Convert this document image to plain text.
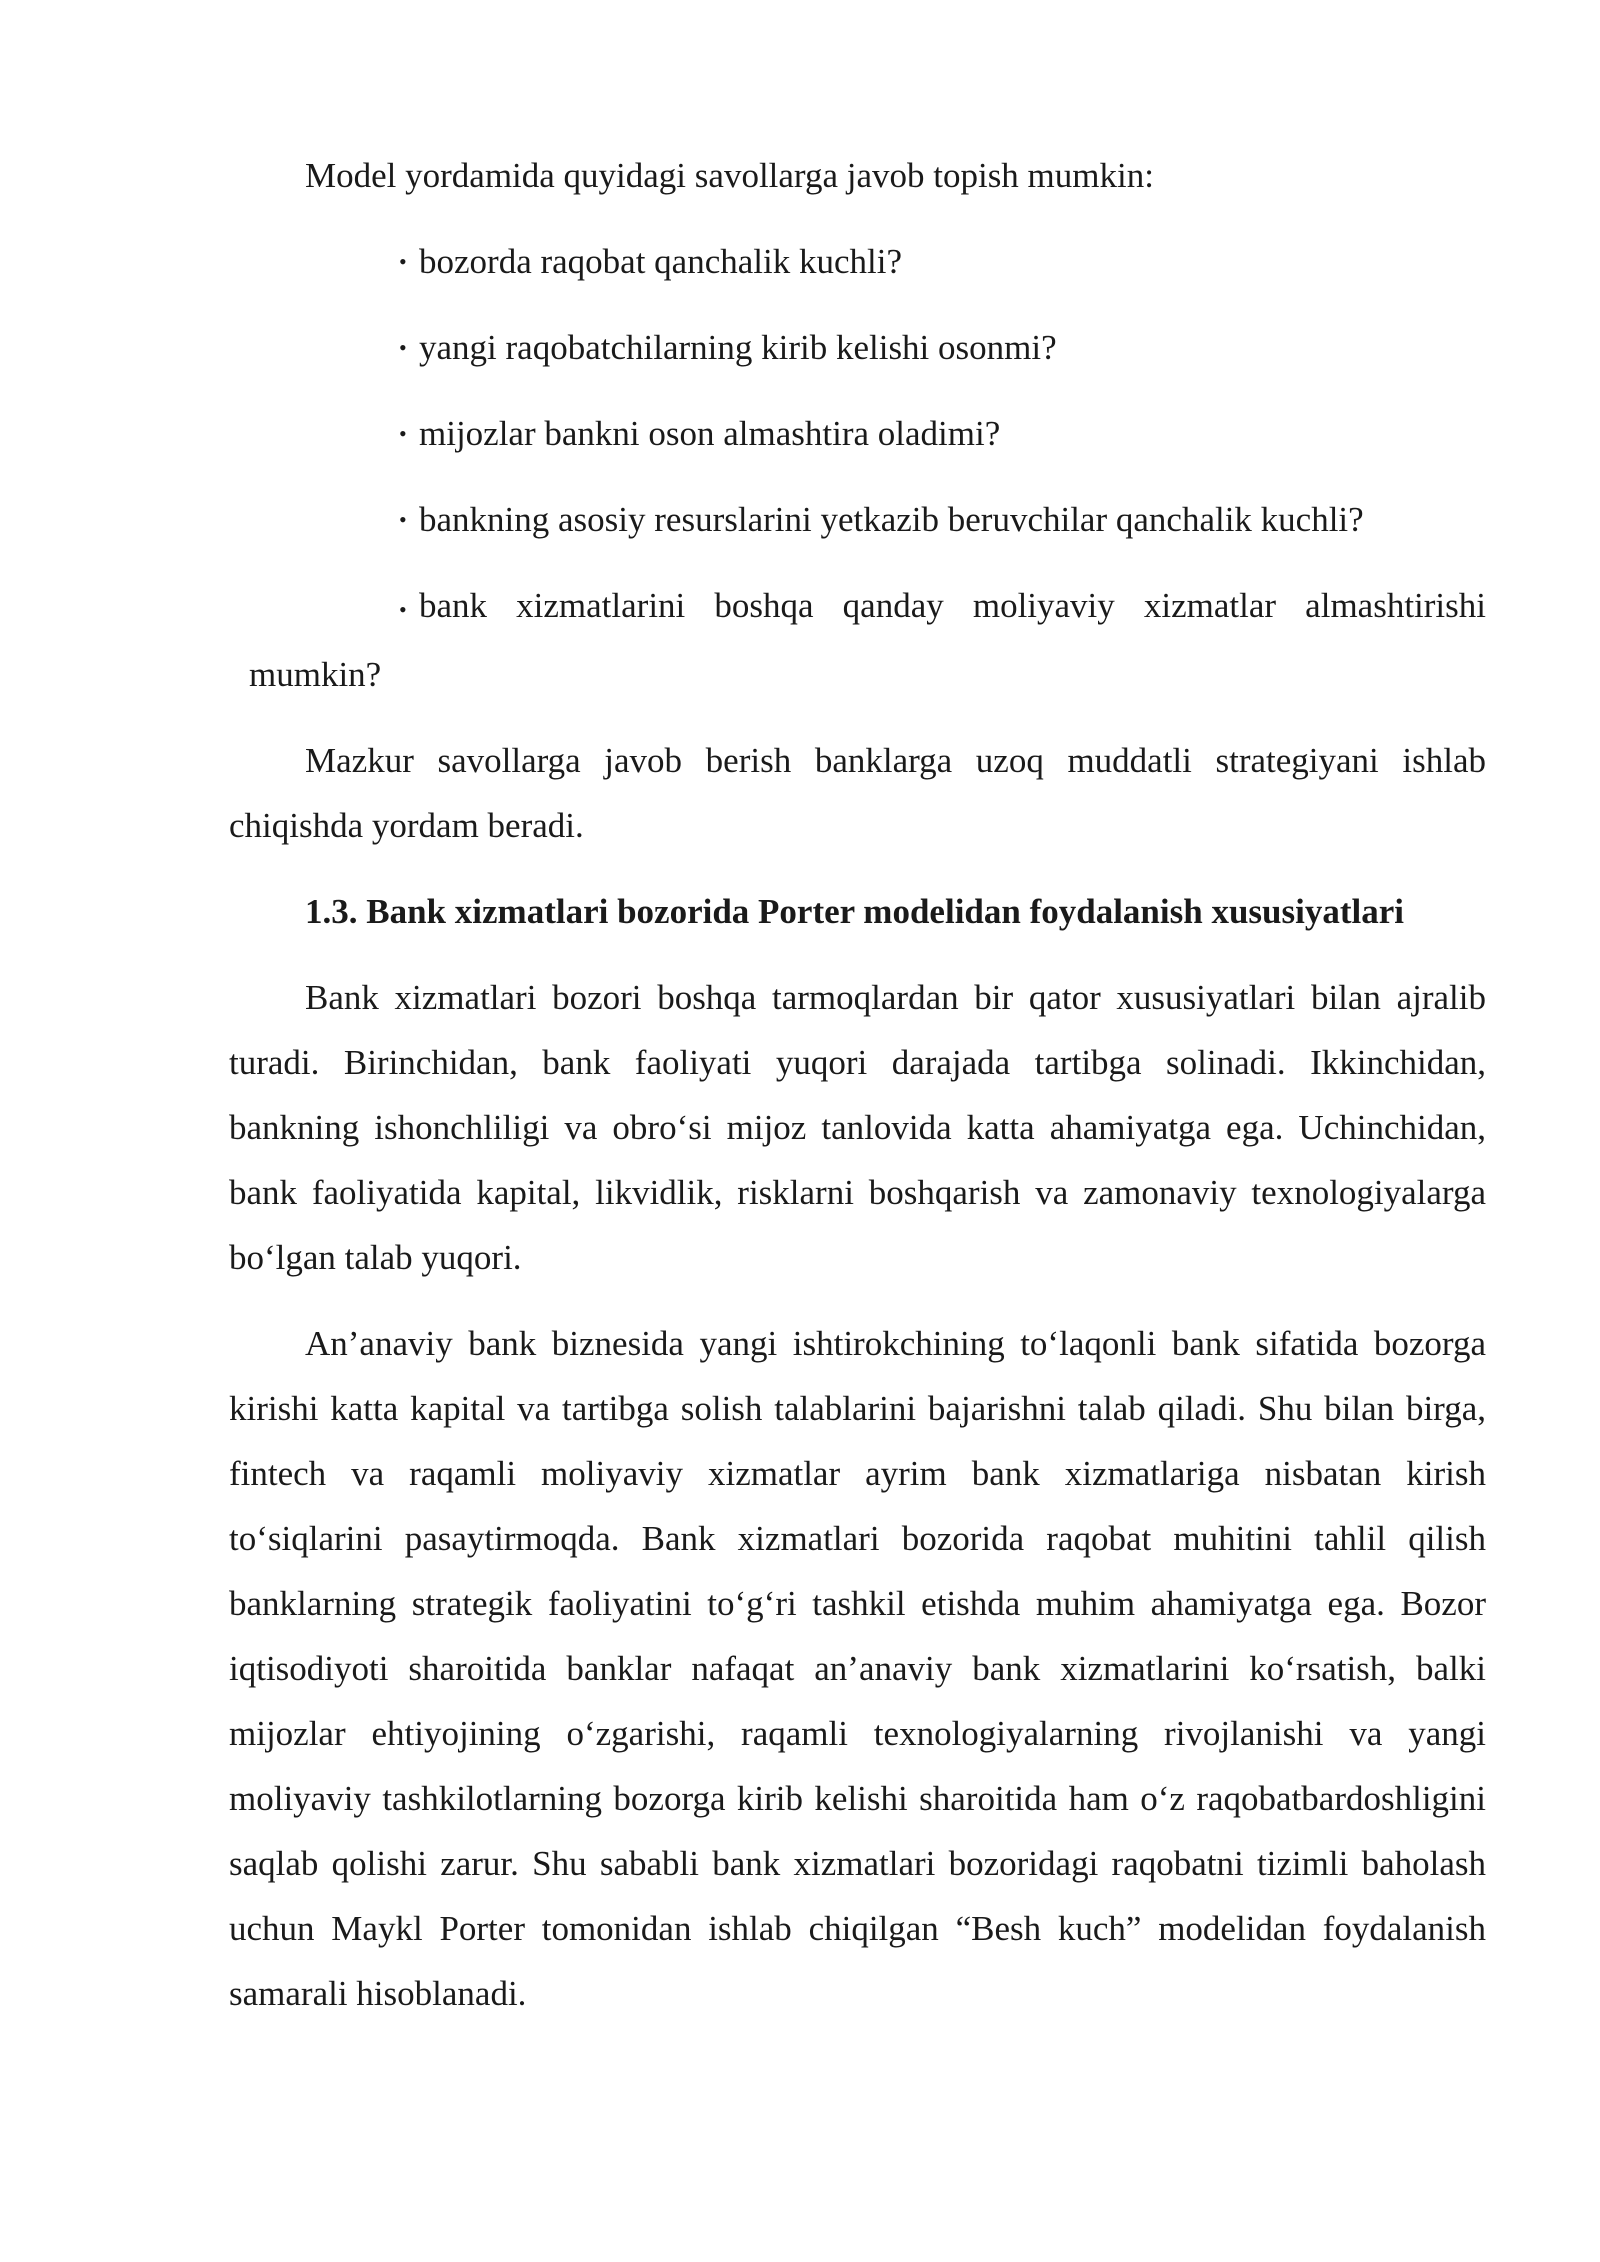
Model yordamida quyidagi savollarga javob topish mumkin:

• bozorda raqobat qanchalik kuchli?
• yangi raqobatchilarning kirib kelishi osonmi?
• mijozlar bankni oson almashtira oladimi?
• bankning asosiy resurslarini yetkazib beruvchilar qanchalik kuchli?
• bank xizmatlarini boshqa qanday moliyaviy xizmatlar almashtirishi
mumkin?

Mazkur savollarga javob berish banklarga uzoq muddatli strategiyani ishlab chiqishda yordam beradi.

1.3. Bank xizmatlari bozorida Porter modelidan foydalanish xususiyatlari

Bank xizmatlari bozori boshqa tarmoqlardan bir qator xususiyatlari bilan ajralib turadi. Birinchidan, bank faoliyati yuqori darajada tartibga solinadi. Ikkinchidan, bankning ishonchliligi va obro‘si mijoz tanlovida katta ahamiyatga ega. Uchinchidan, bank faoliyatida kapital, likvidlik, risklarni boshqarish va zamonaviy texnologiyalarga bo‘lgan talab yuqori.

An’anaviy bank biznesida yangi ishtirokchining to‘laqonli bank sifatida bozorga kirishi katta kapital va tartibga solish talablarini bajarishni talab qiladi. Shu bilan birga, fintech va raqamli moliyaviy xizmatlar ayrim bank xizmatlariga nisbatan kirish to‘siqlarini pasaytirmoqda. Bank xizmatlari bozorida raqobat muhitini tahlil qilish banklarning strategik faoliyatini to‘g‘ri tashkil etishda muhim ahamiyatga ega. Bozor iqtisodiyoti sharoitida banklar nafaqat an’anaviy bank xizmatlarini ko‘rsatish, balki mijozlar ehtiyojining o‘zgarishi, raqamli texnologiyalarning rivojlanishi va yangi moliyaviy tashkilotlarning bozorga kirib kelishi sharoitida ham o‘z raqobatbardoshligini saqlab qolishi zarur. Shu sababli bank xizmatlari bozoridagi raqobatni tizimli baholash uchun Maykl Porter tomonidan ishlab chiqilgan “Besh kuch” modelidan foydalanish samarali hisoblanadi.
